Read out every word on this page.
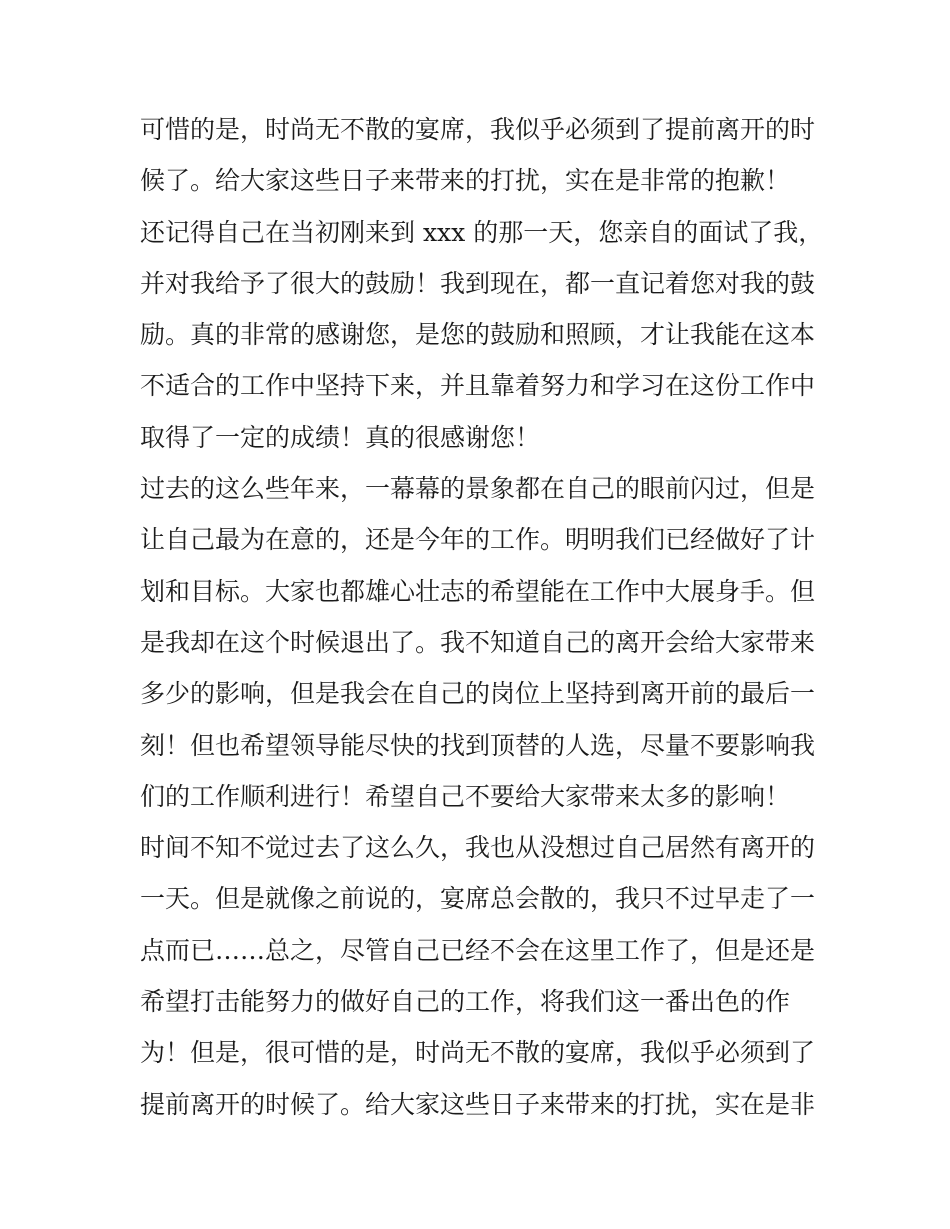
可惜的是，时尚无不散的宴席，我似乎必须到了提前离开的时
候了。给大家这些日子来带来的打扰，实在是非常的抱歉！
还记得自己在当初刚来到 xxx 的那一天，您亲自的面试了我，
并对我给予了很大的鼓励！我到现在，都一直记着您对我的鼓
励。真的非常的感谢您，是您的鼓励和照顾，才让我能在这本
不适合的工作中坚持下来，并且靠着努力和学习在这份工作中
取得了一定的成绩！真的很感谢您！
过去的这么些年来，一幕幕的景象都在自己的眼前闪过，但是
让自己最为在意的，还是今年的工作。明明我们已经做好了计
划和目标。大家也都雄心壮志的希望能在工作中大展身手。但
是我却在这个时候退出了。我不知道自己的离开会给大家带来
多少的影响，但是我会在自己的岗位上坚持到离开前的最后一
刻！但也希望领导能尽快的找到顶替的人选，尽量不要影响我
们的工作顺利进行！希望自己不要给大家带来太多的影响！
时间不知不觉过去了这么久，我也从没想过自己居然有离开的
一天。但是就像之前说的，宴席总会散的，我只不过早走了一
点而已……总之，尽管自己已经不会在这里工作了，但是还是
希望打击能努力的做好自己的工作，将我们这一番出色的作
为！但是，很可惜的是，时尚无不散的宴席，我似乎必须到了
提前离开的时候了。给大家这些日子来带来的打扰，实在是非
